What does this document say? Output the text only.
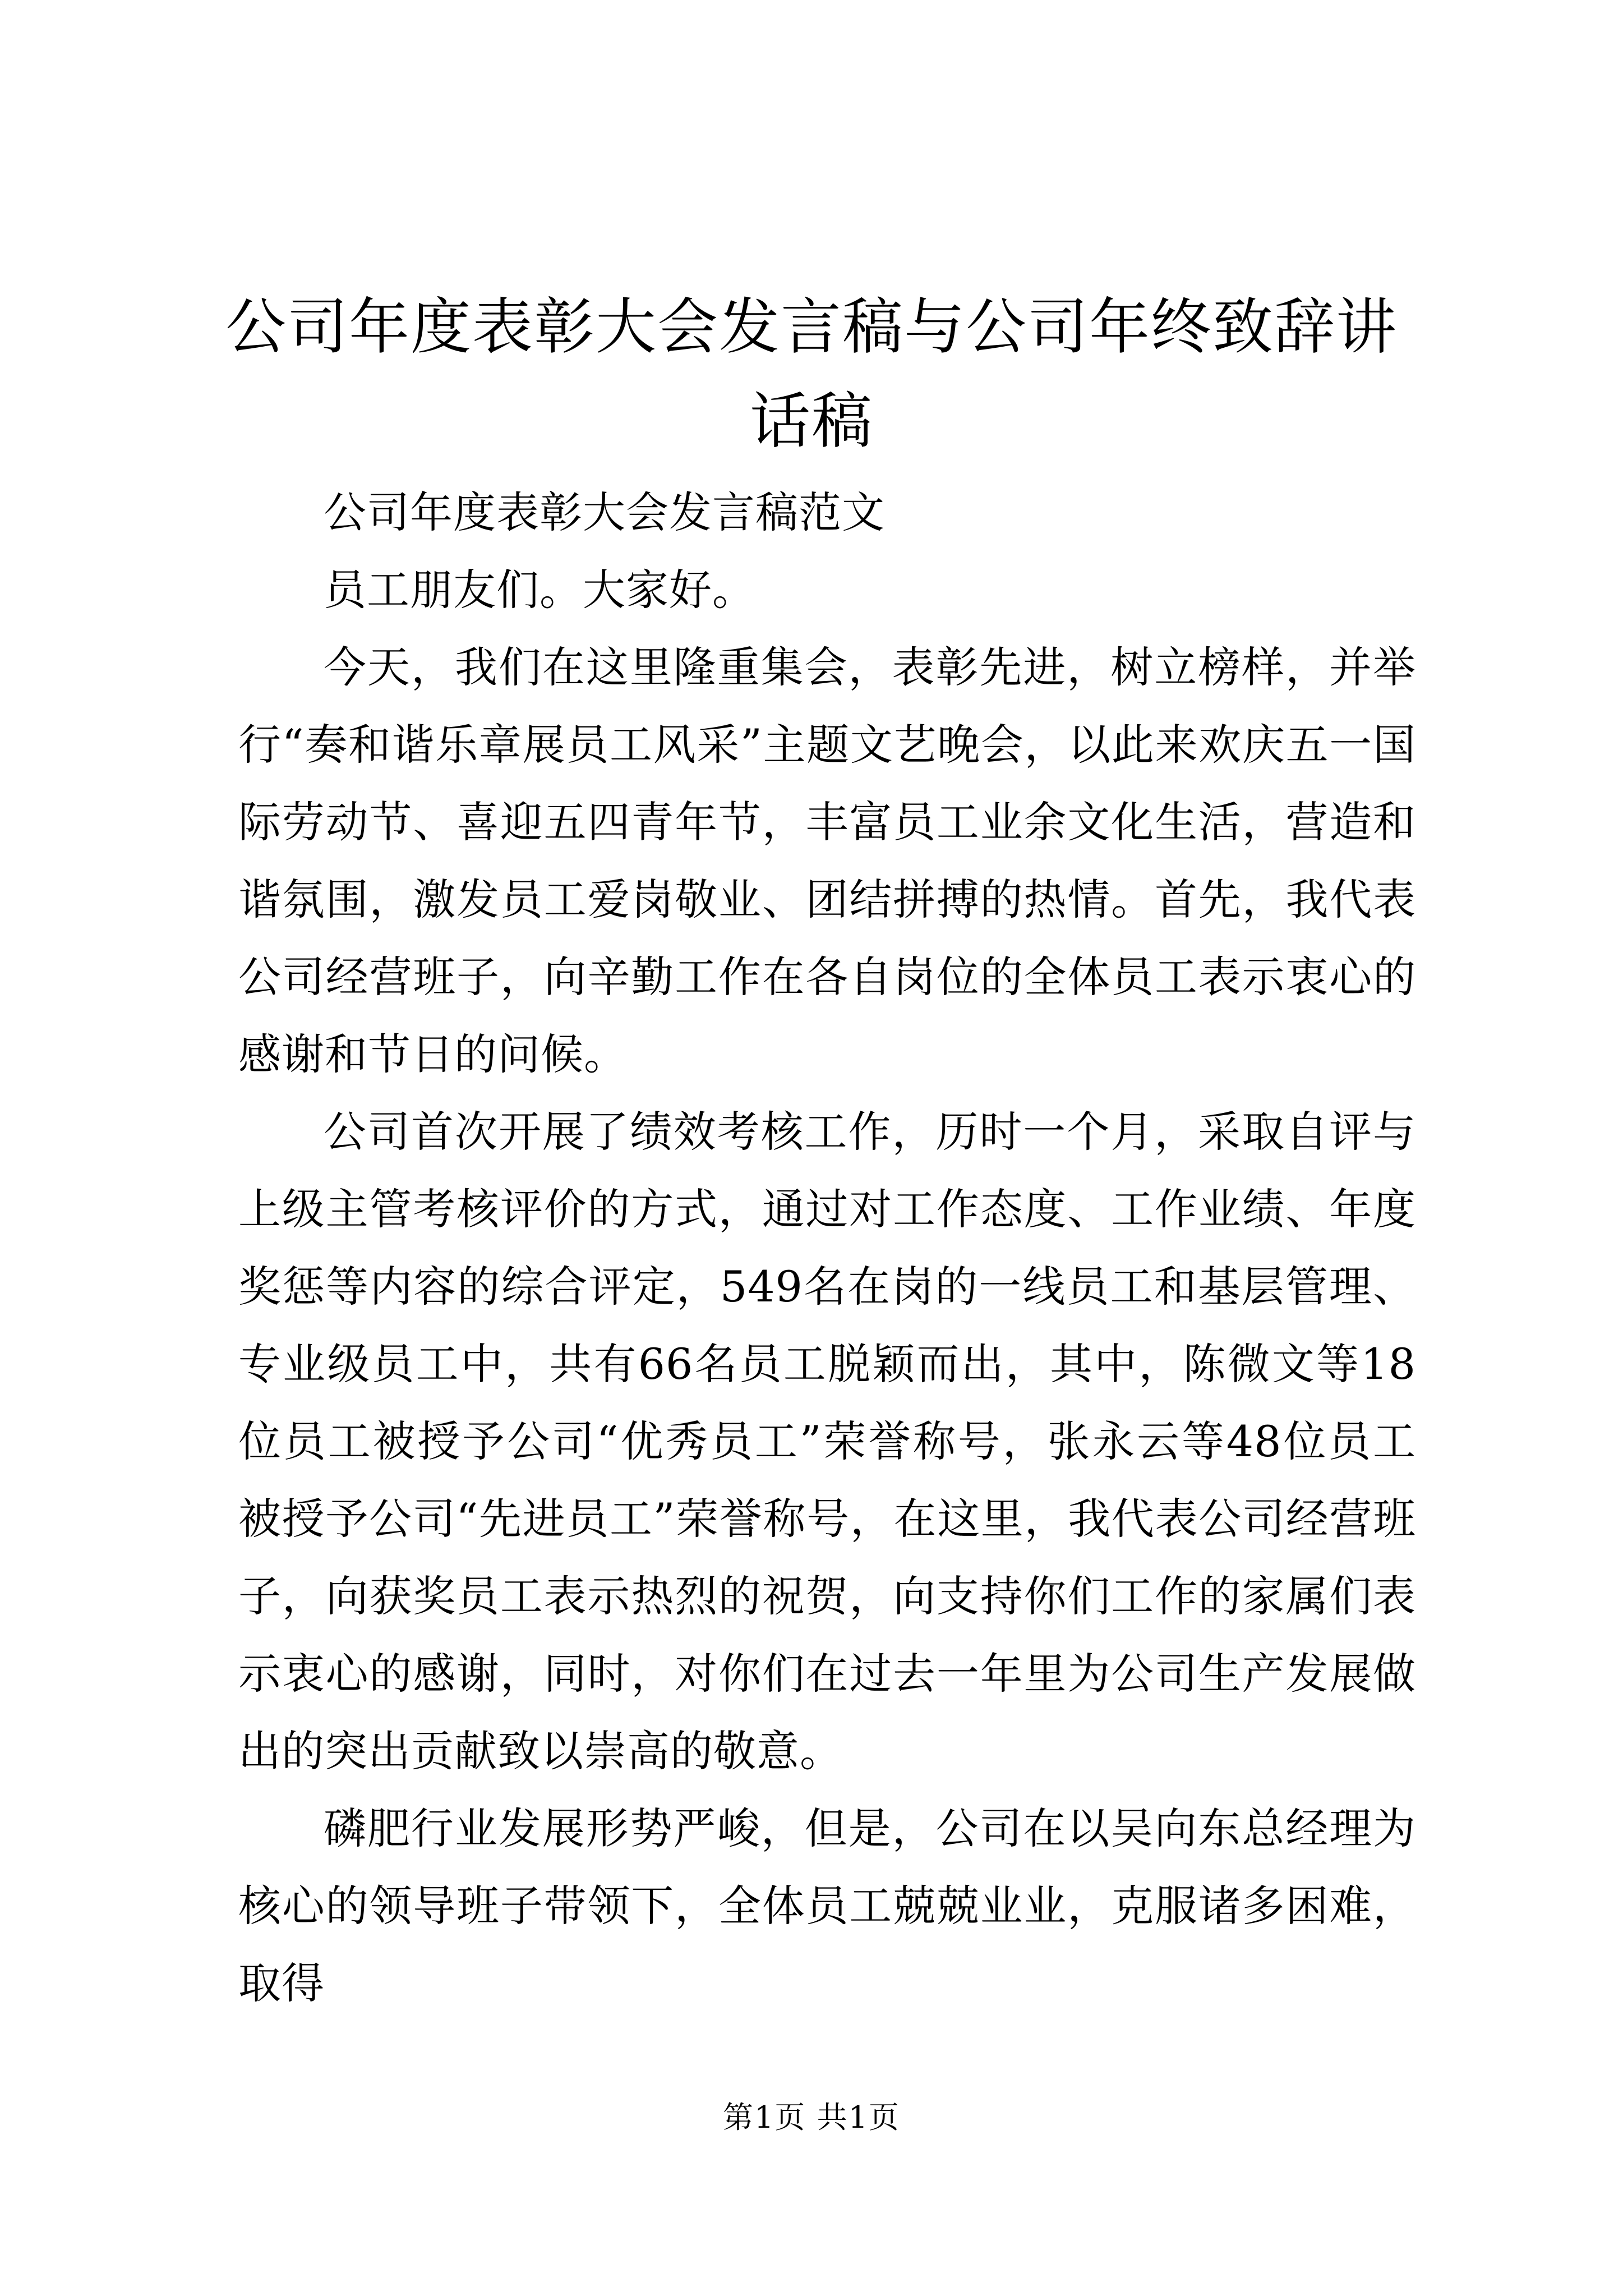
公司年度表彰大会发言稿与公司年终致辞讲话稿

公司年度表彰大会发言稿范文

员工朋友们。大家好。

今天，我们在这里隆重集会，表彰先进，树立榜样，并举行“奏和谐乐章展员工风采”主题文艺晚会，以此来欢庆五一国际劳动节、喜迎五四青年节，丰富员工业余文化生活，营造和谐氛围，激发员工爱岗敬业、团结拼搏的热情。首先，我代表公司经营班子，向辛勤工作在各自岗位的全体员工表示衷心的感谢和节日的问候。

公司首次开展了绩效考核工作，历时一个月，采取自评与上级主管考核评价的方式，通过对工作态度、工作业绩、年度奖惩等内容的综合评定，549名在岗的一线员工和基层管理、专业级员工中，共有66名员工脱颖而出，其中，陈微文等18位员工被授予公司“优秀员工”荣誉称号，张永云等48位员工被授予公司“先进员工”荣誉称号，在这里，我代表公司经营班子，向获奖员工表示热烈的祝贺，向支持你们工作的家属们表示衷心的感谢，同时，对你们在过去一年里为公司生产发展做出的突出贡献致以崇高的敬意。

磷肥行业发展形势严峻，但是，公司在以吴向东总经理为核心的领导班子带领下，全体员工兢兢业业，克服诸多困难，取得

第1页 共1页
